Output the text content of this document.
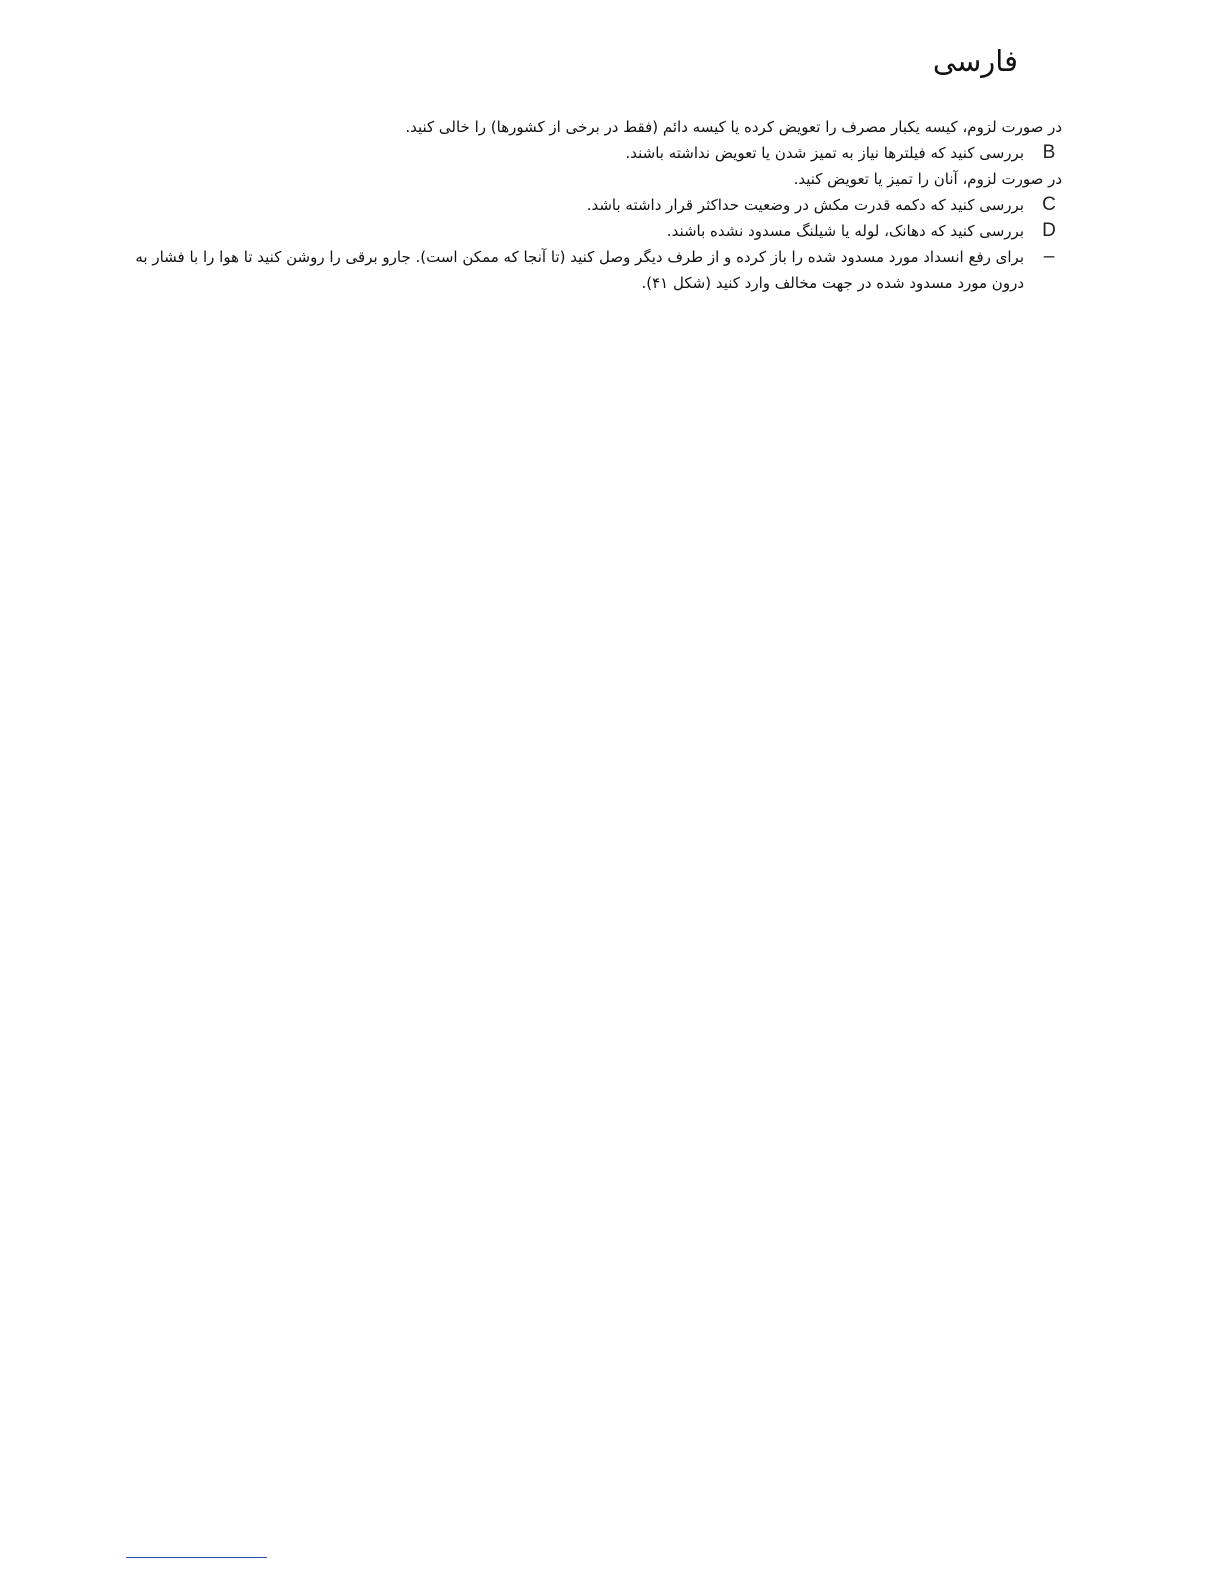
فارسی
در صورت لزوم، کیسه یکبار مصرف را تعویض کرده یا کیسه دائم (فقط در برخی از کشورها) را خالی کنید.
B
بررسی کنید که فیلترها نیاز به تمیز شدن یا تعویض نداشته باشند.
در صورت لزوم، آنان را تمیز یا تعویض کنید.
C
بررسی کنید که دکمه قدرت مکش در وضعیت حداکثر قرار داشته باشد.
D
بررسی کنید که دهانک، لوله یا شیلنگ مسدود نشده باشند.
–
برای رفع انسداد مورد مسدود شده را باز کرده و از طرف دیگر وصل کنید (تا آنجا که ممکن است). جارو برقی را روشن کنید تا هوا را با فشار به درون مورد مسدود شده در جهت مخالف وارد کنید (شکل ۴۱).
